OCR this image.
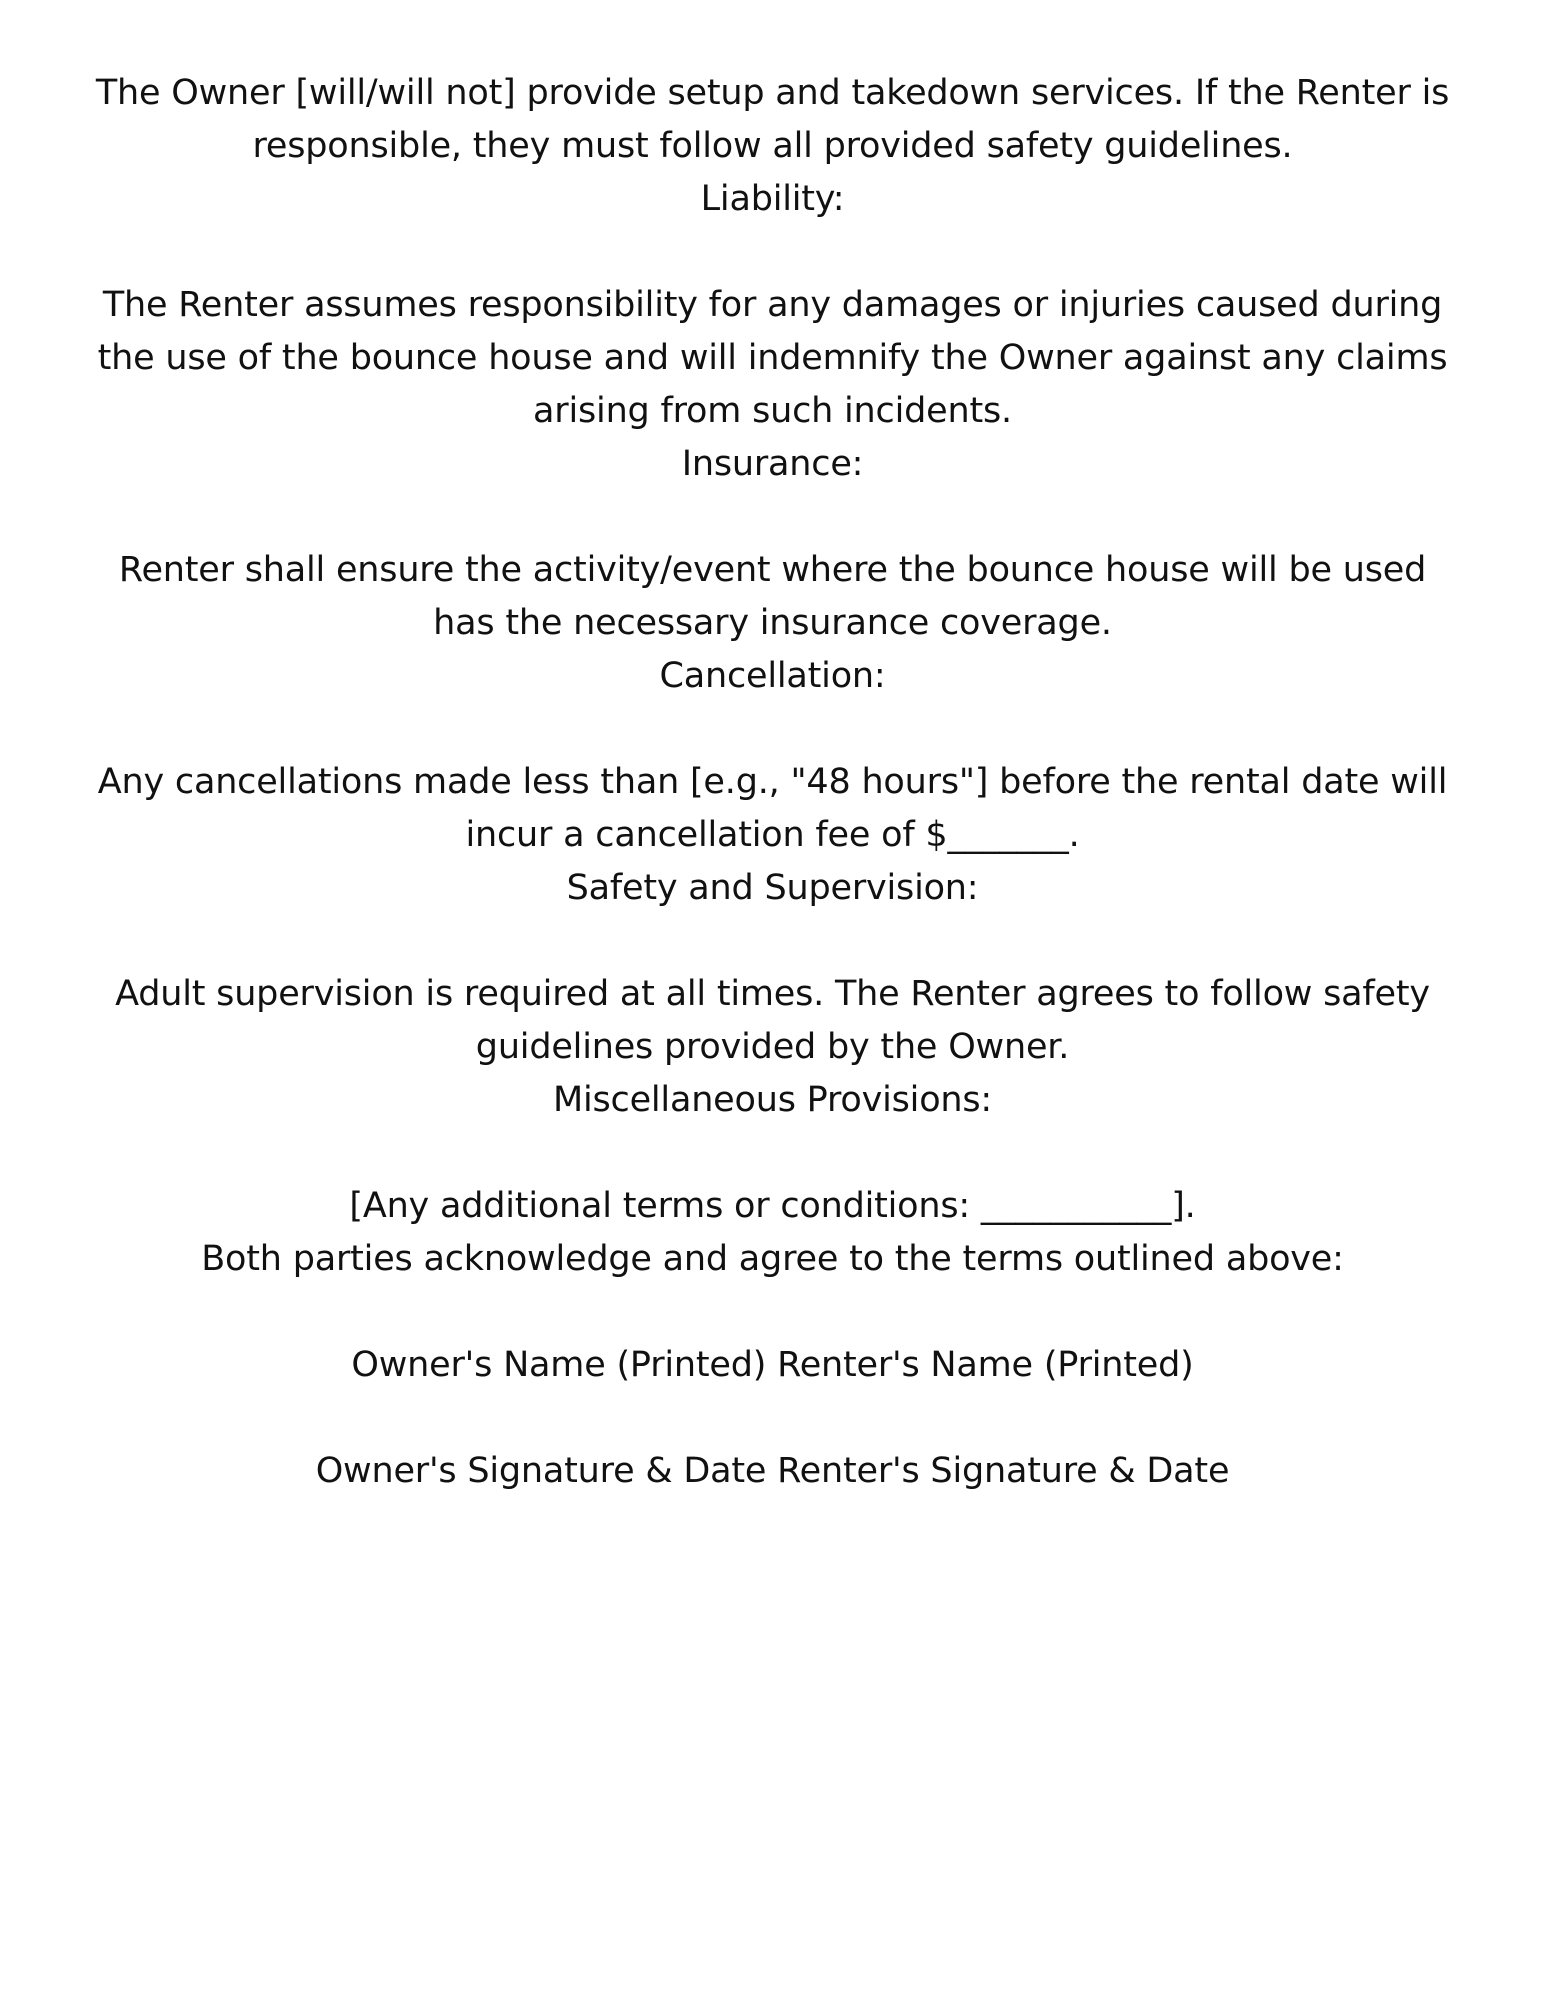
The Owner [will/will not] provide setup and takedown services. If the Renter is
responsible, they must follow all provided safety guidelines.
Liability:
The Renter assumes responsibility for any damages or injuries caused during
the use of the bounce house and will indemnify the Owner against any claims
arising from such incidents.
Insurance:
Renter shall ensure the activity/event where the bounce house will be used
has the necessary insurance coverage.
Cancellation:
Any cancellations made less than [e.g., "48 hours"] before the rental date will
incur a cancellation fee of $_______.
Safety and Supervision:
Adult supervision is required at all times. The Renter agrees to follow safety
guidelines provided by the Owner.
Miscellaneous Provisions:
[Any additional terms or conditions: ___________].
Both parties acknowledge and agree to the terms outlined above:
Owner's Name (Printed) Renter's Name (Printed)
Owner's Signature & Date Renter's Signature & Date
